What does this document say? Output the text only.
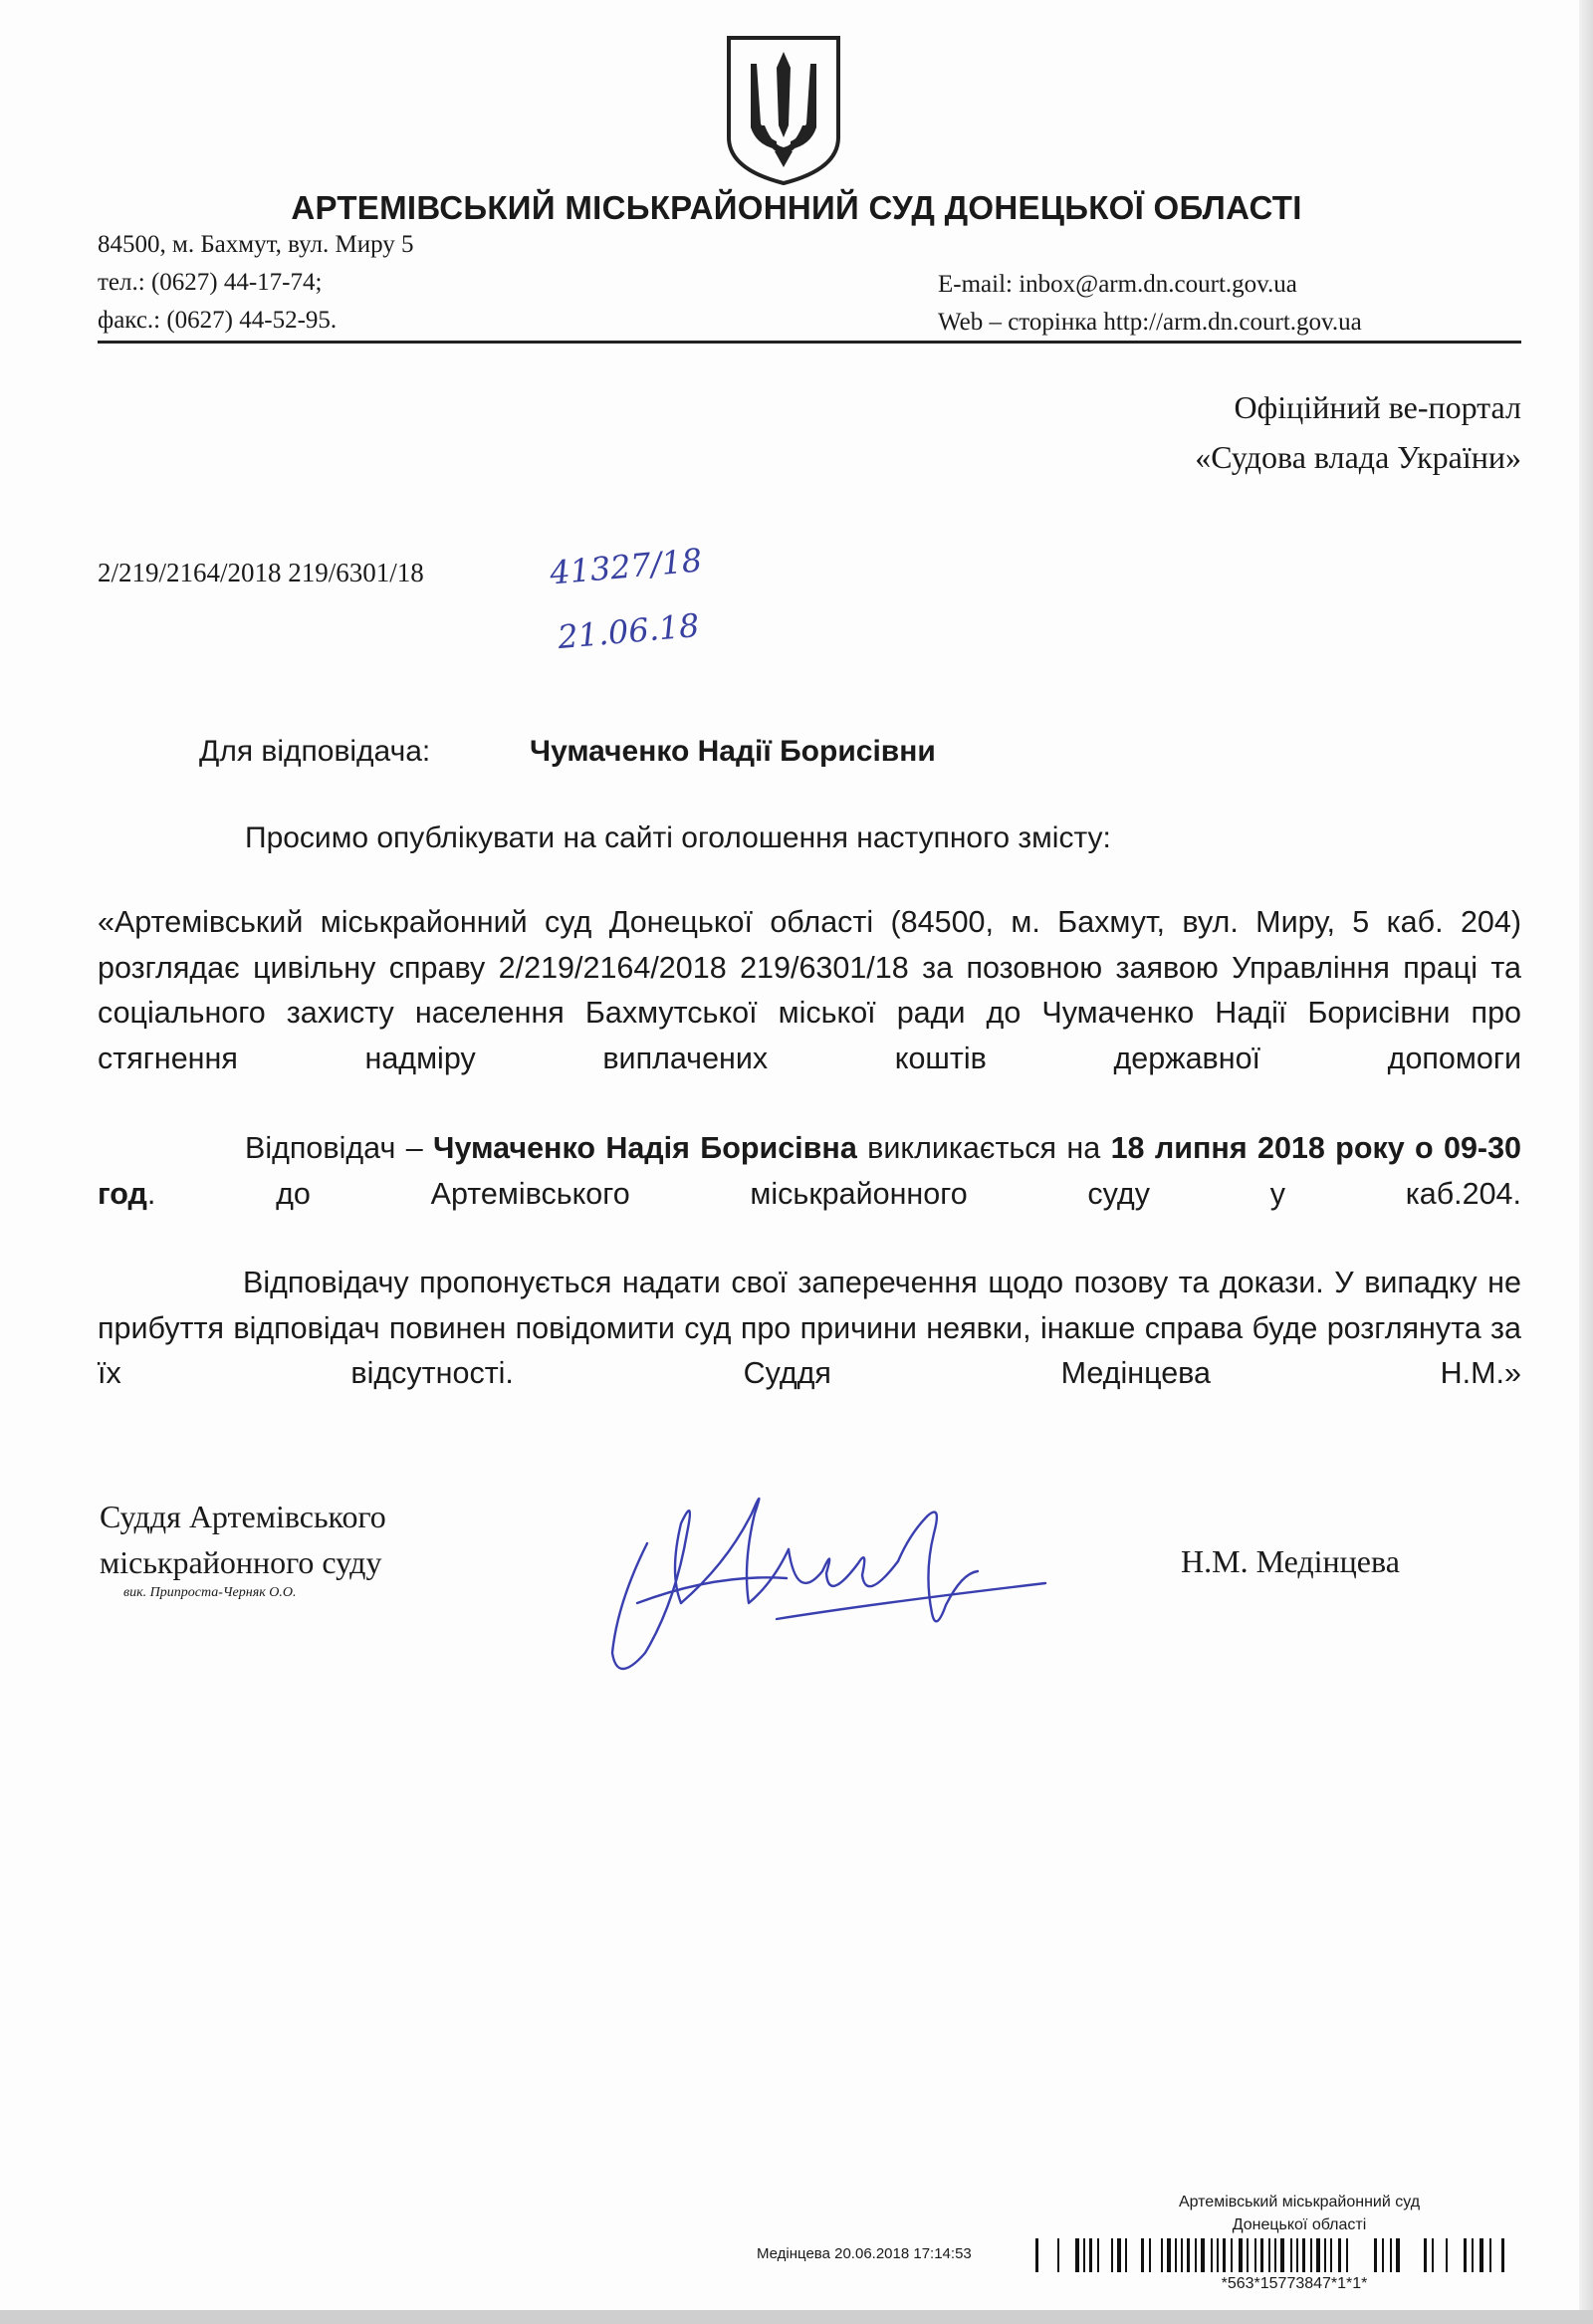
АРТЕМІВСЬКИЙ МІСЬКРАЙОННИЙ СУД ДОНЕЦЬКОЇ ОБЛАСТІ
84500, м. Бахмут, вул. Миру 5
тел.: (0627) 44-17-74;
факс.: (0627) 44-52-95.
E-mail: inbox@arm.dn.court.gov.ua
Web – сторінка http://arm.dn.court.gov.ua
Офіційний ве-портал
«Судова влада України»
2/219/2164/2018 219/6301/18	41327/18
21.06.18
Для відповідача:	Чумаченко Надії Борисівни
Просимо опублікувати на сайті оголошення наступного змісту:
«Артемівський міськрайонний суд Донецької області (84500, м. Бахмут, вул. Миру, 5 каб. 204) розглядає цивільну справу 2/219/2164/2018 219/6301/18 за позовною заявою Управління праці та соціального захисту населення Бахмутської міської ради до Чумаченко Надії Борисівни про стягнення надміру виплачених коштів державної допомоги
Відповідач – Чумаченко Надія Борисівна викликається на 18 липня 2018 року о 09-30 год. до Артемівського міськрайонного суду у каб.204.
Відповідачу пропонується надати свої заперечення щодо позову та докази. У випадку не прибуття відповідач повинен повідомити суд про причини неявки, інакше справа буде розглянута за їх відсутності. Суддя Медінцева Н.М.»
Суддя Артемівського
міськрайонного суду
вик. Припроста-Черняк О.О.
Н.М. Медінцева
Артемівський міськрайонний суд
Донецької області
Медінцева 20.06.2018 17:14:53
*563*15773847*1*1*
